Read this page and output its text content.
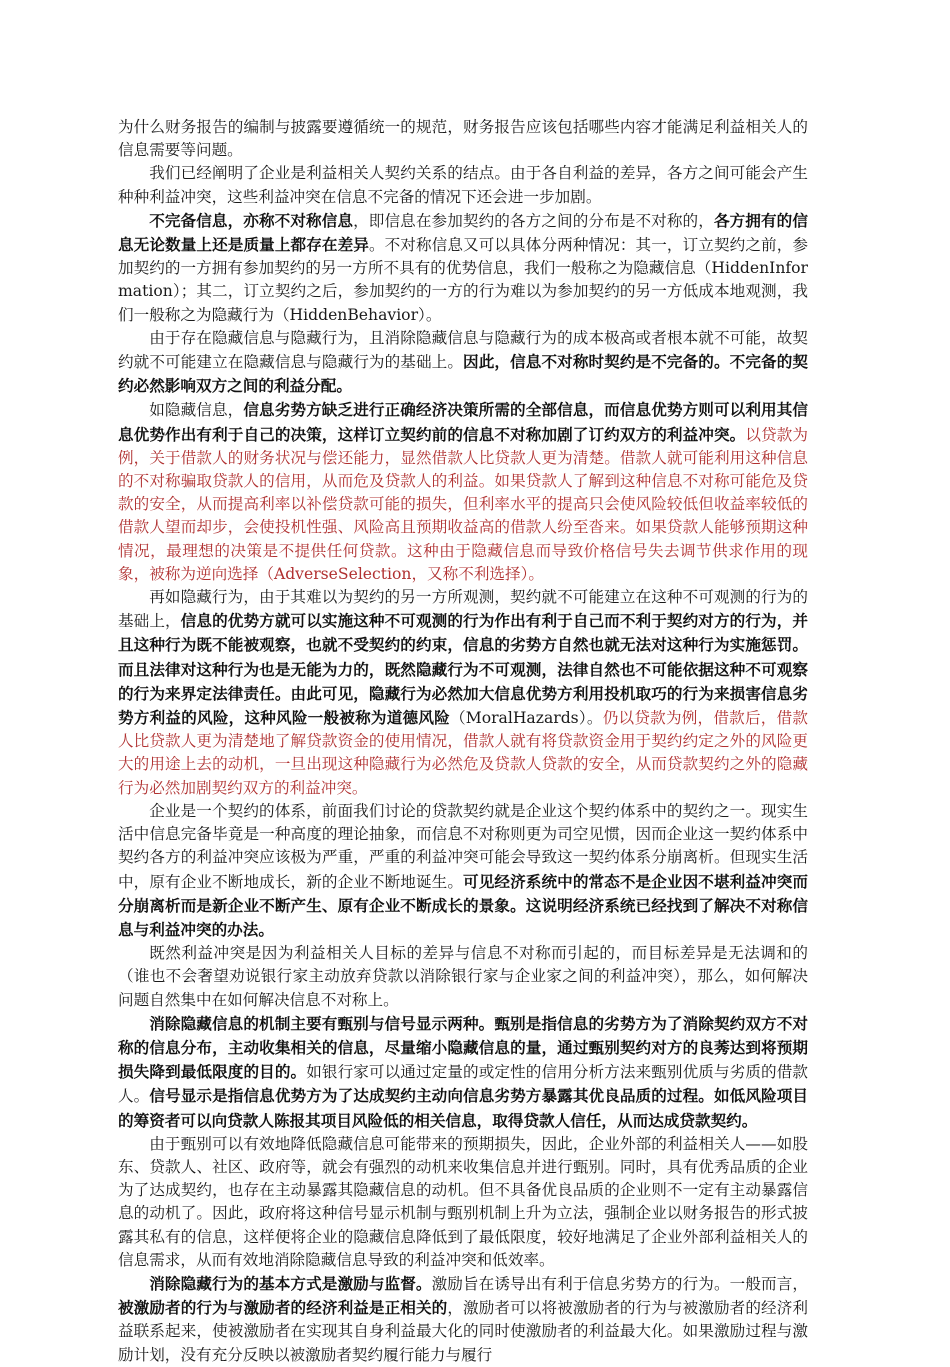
为什么财务报告的编制与披露要遵循统一的规范，财务报告应该包括哪些内容才能满足利益相关人的信息需要等问题。

我们已经阐明了企业是利益相关人契约关系的结点。由于各自利益的差异，各方之间可能会产生种种利益冲突，这些利益冲突在信息不完备的情况下还会进一步加剧。

不完备信息，亦称不对称信息，即信息在参加契约的各方之间的分布是不对称的，各方拥有的信息无论数量上还是质量上都存在差异。不对称信息又可以具体分两种情况：其一，订立契约之前，参加契约的一方拥有参加契约的另一方所不具有的优势信息，我们一般称之为隐藏信息（HiddenInformation）；其二，订立契约之后，参加契约的一方的行为难以为参加契约的另一方低成本地观测，我们一般称之为隐藏行为（HiddenBehavior）。

由于存在隐藏信息与隐藏行为，且消除隐藏信息与隐藏行为的成本极高或者根本就不可能，故契约就不可能建立在隐藏信息与隐藏行为的基础上。因此，信息不对称时契约是不完备的。不完备的契约必然影响双方之间的利益分配。

如隐藏信息，信息劣势方缺乏进行正确经济决策所需的全部信息，而信息优势方则可以利用其信息优势作出有利于自己的决策，这样订立契约前的信息不对称加剧了订约双方的利益冲突。以贷款为例，关于借款人的财务状况与偿还能力，显然借款人比贷款人更为清楚。借款人就可能利用这种信息的不对称骗取贷款人的信用，从而危及贷款人的利益。如果贷款人了解到这种信息不对称可能危及贷款的安全，从而提高利率以补偿贷款可能的损失，但利率水平的提高只会使风险较低但收益率较低的借款人望而却步，会使投机性强、风险高且预期收益高的借款人纷至沓来。如果贷款人能够预期这种情况，最理想的决策是不提供任何贷款。这种由于隐藏信息而导致价格信号失去调节供求作用的现象，被称为逆向选择（AdverseSelection，又称不利选择）。

再如隐藏行为，由于其难以为契约的另一方所观测，契约就不可能建立在这种不可观测的行为的基础上，信息的优势方就可以实施这种不可观测的行为作出有利于自己而不利于契约对方的行为，并且这种行为既不能被观察，也就不受契约的约束，信息的劣势方自然也就无法对这种行为实施惩罚。而且法律对这种行为也是无能为力的，既然隐藏行为不可观测，法律自然也不可能依据这种不可观察的行为来界定法律责任。由此可见，隐藏行为必然加大信息优势方利用投机取巧的行为来损害信息劣势方利益的风险，这种风险一般被称为道德风险（MoralHazards）。仍以贷款为例，借款后，借款人比贷款人更为清楚地了解贷款资金的使用情况，借款人就有将贷款资金用于契约约定之外的风险更大的用途上去的动机，一旦出现这种隐藏行为必然危及贷款人贷款的安全，从而贷款契约之外的隐藏行为必然加剧契约双方的利益冲突。

企业是一个契约的体系，前面我们讨论的贷款契约就是企业这个契约体系中的契约之一。现实生活中信息完备毕竟是一种高度的理论抽象，而信息不对称则更为司空见惯，因而企业这一契约体系中契约各方的利益冲突应该极为严重，严重的利益冲突可能会导致这一契约体系分崩离析。但现实生活中，原有企业不断地成长，新的企业不断地诞生。可见经济系统中的常态不是企业因不堪利益冲突而分崩离析而是新企业不断产生、原有企业不断成长的景象。这说明经济系统已经找到了解决不对称信息与利益冲突的办法。

既然利益冲突是因为利益相关人目标的差异与信息不对称而引起的，而目标差异是无法调和的（谁也不会奢望劝说银行家主动放弃贷款以消除银行家与企业家之间的利益冲突），那么，如何解决问题自然集中在如何解决信息不对称上。

消除隐藏信息的机制主要有甄别与信号显示两种。甄别是指信息的劣势方为了消除契约双方不对称的信息分布，主动收集相关的信息，尽量缩小隐藏信息的量，通过甄别契约对方的良莠达到将预期损失降到最低限度的目的。如银行家可以通过定量的或定性的信用分析方法来甄别优质与劣质的借款人。信号显示是指信息优势方为了达成契约主动向信息劣势方暴露其优良品质的过程。如低风险项目的筹资者可以向贷款人陈报其项目风险低的相关信息，取得贷款人信任，从而达成贷款契约。

由于甄别可以有效地降低隐藏信息可能带来的预期损失，因此，企业外部的利益相关人——如股东、贷款人、社区、政府等，就会有强烈的动机来收集信息并进行甄别。同时，具有优秀品质的企业为了达成契约，也存在主动暴露其隐藏信息的动机。但不具备优良品质的企业则不一定有主动暴露信息的动机了。因此，政府将这种信号显示机制与甄别机制上升为立法，强制企业以财务报告的形式披露其私有的信息，这样便将企业的隐藏信息降低到了最低限度，较好地满足了企业外部利益相关人的信息需求，从而有效地消除隐藏信息导致的利益冲突和低效率。

消除隐藏行为的基本方式是激励与监督。激励旨在诱导出有利于信息劣势方的行为。一般而言，被激励者的行为与激励者的经济利益是正相关的，激励者可以将被激励者的行为与被激励者的经济利益联系起来，使被激励者在实现其自身利益最大化的同时使激励者的利益最大化。如果激励过程与激励计划，没有充分反映以被激励者契约履行能力与履行
